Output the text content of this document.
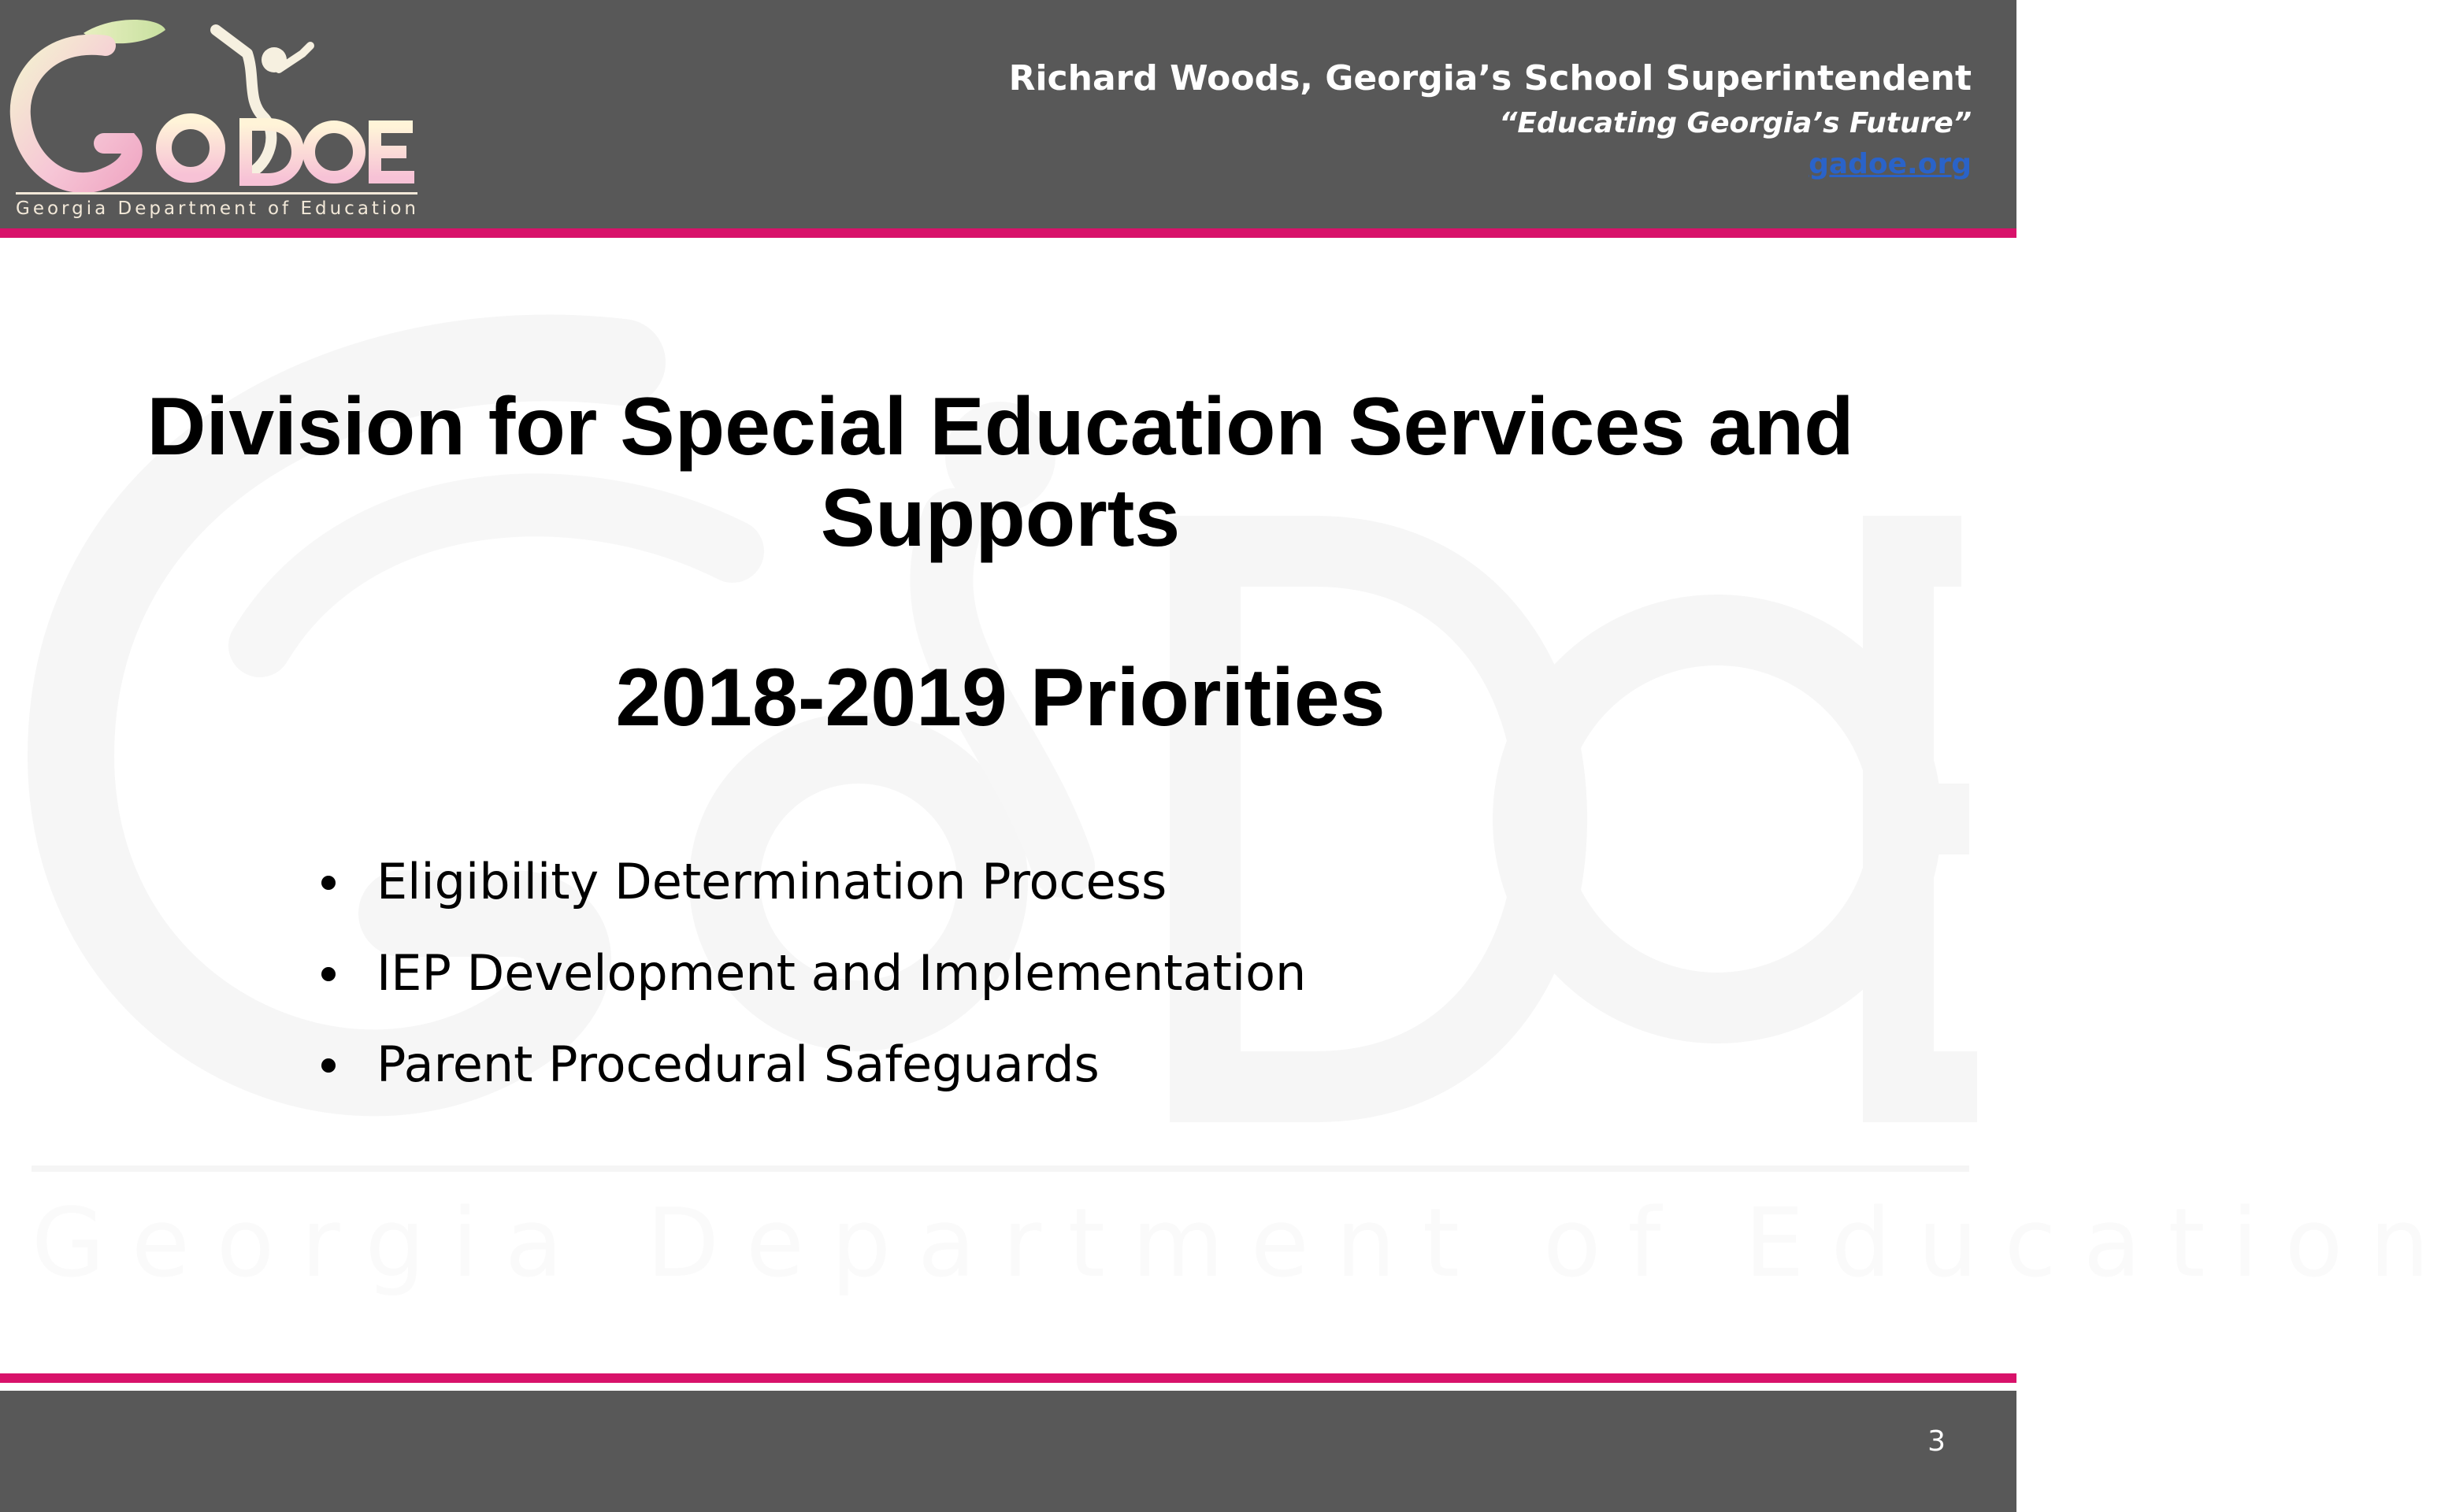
Georgia Department of Education
Georgia Department of Education
Richard Woods, Georgia’s School Superintendent
“Educating Georgia’s Future”
gadoe.org
Division for Special Education Services and Supports
2018-2019 Priorities
Eligibility Determination Process
IEP Development and Implementation
Parent Procedural Safeguards
3
